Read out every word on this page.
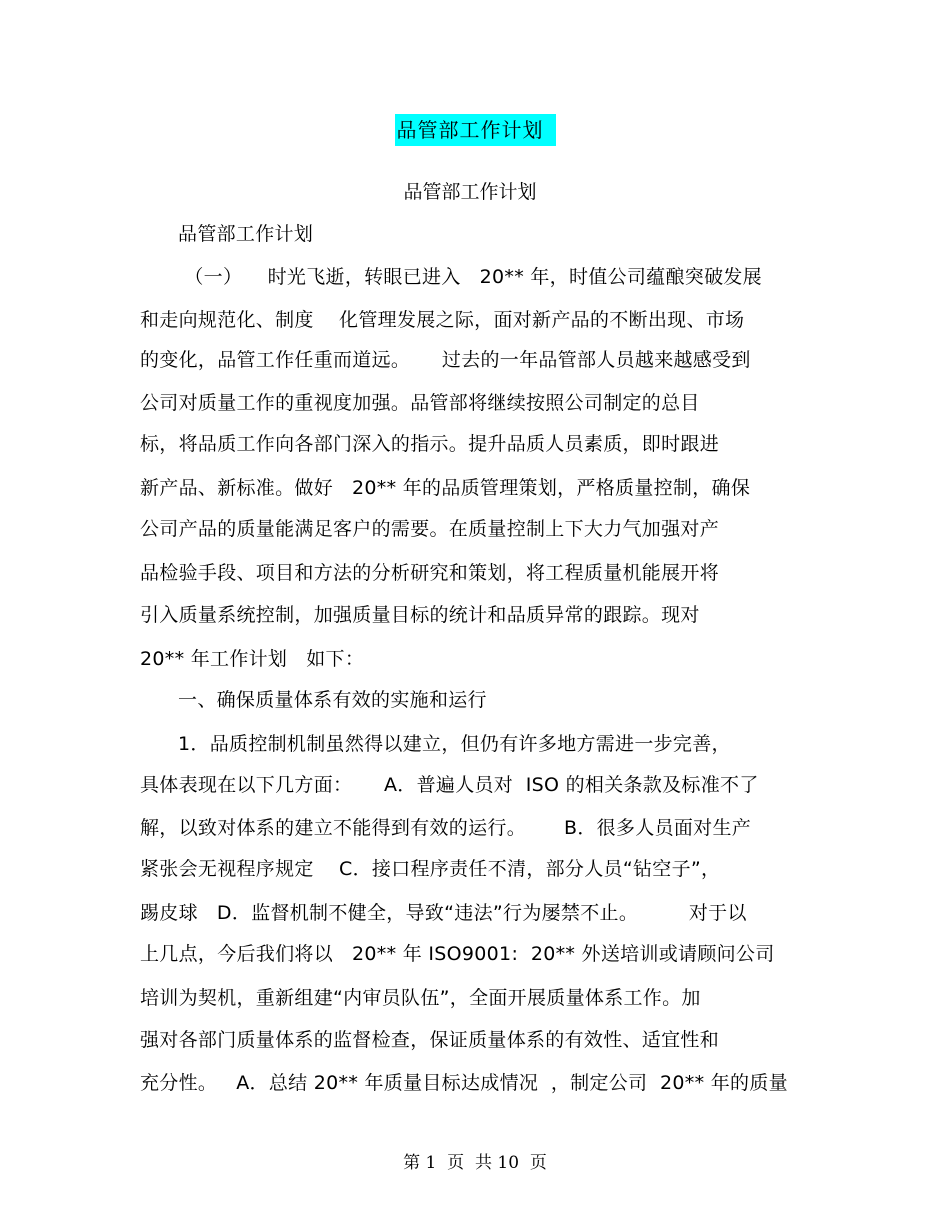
品管部工作计划
品管部工作计划
品管部工作计划
（一）    时光飞逝，转眼已进入   20** 年，时值公司蕴酿突破发展
和走向规范化、制度    化管理发展之际，面对新产品的不断出现、市场
的变化，品管工作任重而道远。     过去的一年品管部人员越来越感受到
公司对质量工作的重视度加强。品管部将继续按照公司制定的总目
标，将品质工作向各部门深入的指示。提升品质人员素质，即时跟进
新产品、新标准。做好   20** 年的品质管理策划，严格质量控制，确保
公司产品的质量能满足客户的需要。在质量控制上下大力气加强对产
品检验手段、项目和方法的分析研究和策划，将工程质量机能展开将
引入质量系统控制，加强质量目标的统计和品质异常的跟踪。现对
20** 年工作计划   如下：
一、确保质量体系有效的实施和运行
1．品质控制机制虽然得以建立，但仍有许多地方需进一步完善，
具体表现在以下几方面：     A．普遍人员对  ISO 的相关条款及标准不了
解，以致对体系的建立不能得到有效的运行。      B．很多人员面对生产
紧张会无视程序规定    C．接口程序责任不清，部分人员“钻空子”，
踢皮球   D．监督机制不健全，导致“违法”行为屡禁不止。        对于以
上几点，今后我们将以   20** 年 ISO9001:  20** 外送培训或请顾问公司
培训为契机，重新组建“内审员队伍”，全面开展质量体系工作。加
强对各部门质量体系的监督检查，保证质量体系的有效性、适宜性和
充分性。   A．总结 20** 年质量目标达成情况  ，制定公司  20** 年的质量
第 1  页  共 10  页
